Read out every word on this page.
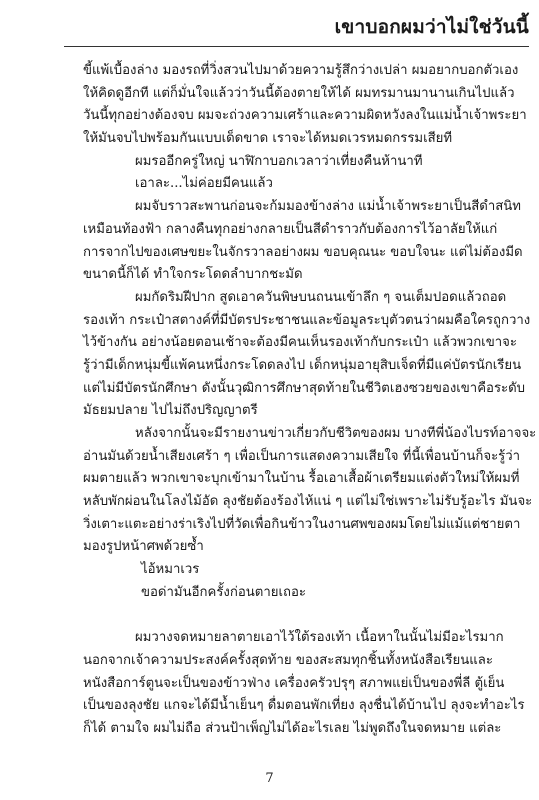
เขาบอกผมว่าไม่ใช่วันนี้
ขี้แพ้เบื้องล่าง มองรถที่วิ่งสวนไปมาด้วยความรู้สึกว่างเปล่า ผมอยากบอกตัวเอง
ให้คิดดูอีกที แต่ก็มั่นใจแล้วว่าวันนี้ต้องตายให้ได้ ผมทรมานมานานเกินไปแล้ว
วันนี้ทุกอย่างต้องจบ ผมจะถ่วงความเศร้าและความผิดหวังลงในแม่น้ำเจ้าพระยา
ให้มันจบไปพร้อมกันแบบเด็ดขาด เราจะได้หมดเวรหมดกรรมเสียที
ผมรออีกครู่ใหญ่ นาฬิกาบอกเวลาว่าเที่ยงคืนห้านาที
เอาละ...ไม่ค่อยมีคนแล้ว
ผมจับราวสะพานก่อนจะก้มมองข้างล่าง แม่น้ำเจ้าพระยาเป็นสีดำสนิท
เหมือนท้องฟ้า กลางคืนทุกอย่างกลายเป็นสีดำราวกับต้องการไว้อาลัยให้แก่
การจากไปของเศษขยะในจักรวาลอย่างผม ขอบคุณนะ ขอบใจนะ แต่ไม่ต้องมีด
ขนาดนี้ก็ได้ ทำใจกระโดดลำบากชะมัด
ผมกัดริมฝีปาก สูดเอาควันพิษบนถนนเข้าลึก ๆ จนเต็มปอดแล้วถอด
รองเท้า กระเป๋าสตางค์ที่มีบัตรประชาชนและข้อมูลระบุตัวตนว่าผมคือใครถูกวาง
ไว้ข้างกัน อย่างน้อยตอนเช้าจะต้องมีคนเห็นรองเท้ากับกระเป๋า แล้วพวกเขาจะ
รู้ว่ามีเด็กหนุ่มขี้แพ้คนหนึ่งกระโดดลงไป เด็กหนุ่มอายุสิบเจ็ดที่มีแค่บัตรนักเรียน
แต่ไม่มีบัตรนักศึกษา ดังนั้นวุฒิการศึกษาสุดท้ายในชีวิตเฮงซวยของเขาคือระดับ
มัธยมปลาย ไปไม่ถึงปริญญาตรี
หลังจากนั้นจะมีรายงานข่าวเกี่ยวกับชีวิตของผม บางทีพี่น้องไบรท์อาจจะ
อ่านมันด้วยน้ำเสียงเศร้า ๆ เพื่อเป็นการแสดงความเสียใจ ที่นี้เพื่อนบ้านก็จะรู้ว่า
ผมตายแล้ว พวกเขาจะบุกเข้ามาในบ้าน รื้อเอาเสื้อผ้าเตรียมแต่งตัวใหม่ให้ผมที่
หลับพักผ่อนในโลงไม้อัด ลุงชัยต้องร้องไห้แน่ ๆ แต่ไม่ใช่เพราะไม่รับรู้อะไร มันจะ
วิ่งเตาะแตะอย่างร่าเริงไปที่วัดเพื่อกินข้าวในงานศพของผมโดยไม่แม้แต่ชายตา
มองรูปหน้าศพด้วยซ้ำ
ไอ้หมาเวร
ขอด่ามันอีกครั้งก่อนตายเถอะ
ผมวางจดหมายลาตายเอาไว้ใต้รองเท้า เนื้อหาในนั้นไม่มีอะไรมาก
นอกจากเจ้าความประสงค์ครั้งสุดท้าย ของสะสมทุกชิ้นทั้งหนังสือเรียนและ
หนังสือการ์ตูนจะเป็นของข้าวฟ่าง เครื่องครัวปรุๆ สภาพแย่เป็นของพี่ลี ตู้เย็น
เป็นของลุงชัย แกจะได้มีน้ำเย็นๆ ดื่มตอนพักเที่ยง ลุงชื่นได้บ้านไป ลุงจะทำอะไร
ก็ได้ ตามใจ ผมไม่ถือ ส่วนป้าเพ็ญไม่ได้อะไรเลย ไม่พูดถึงในจดหมาย แต่ละ
7
